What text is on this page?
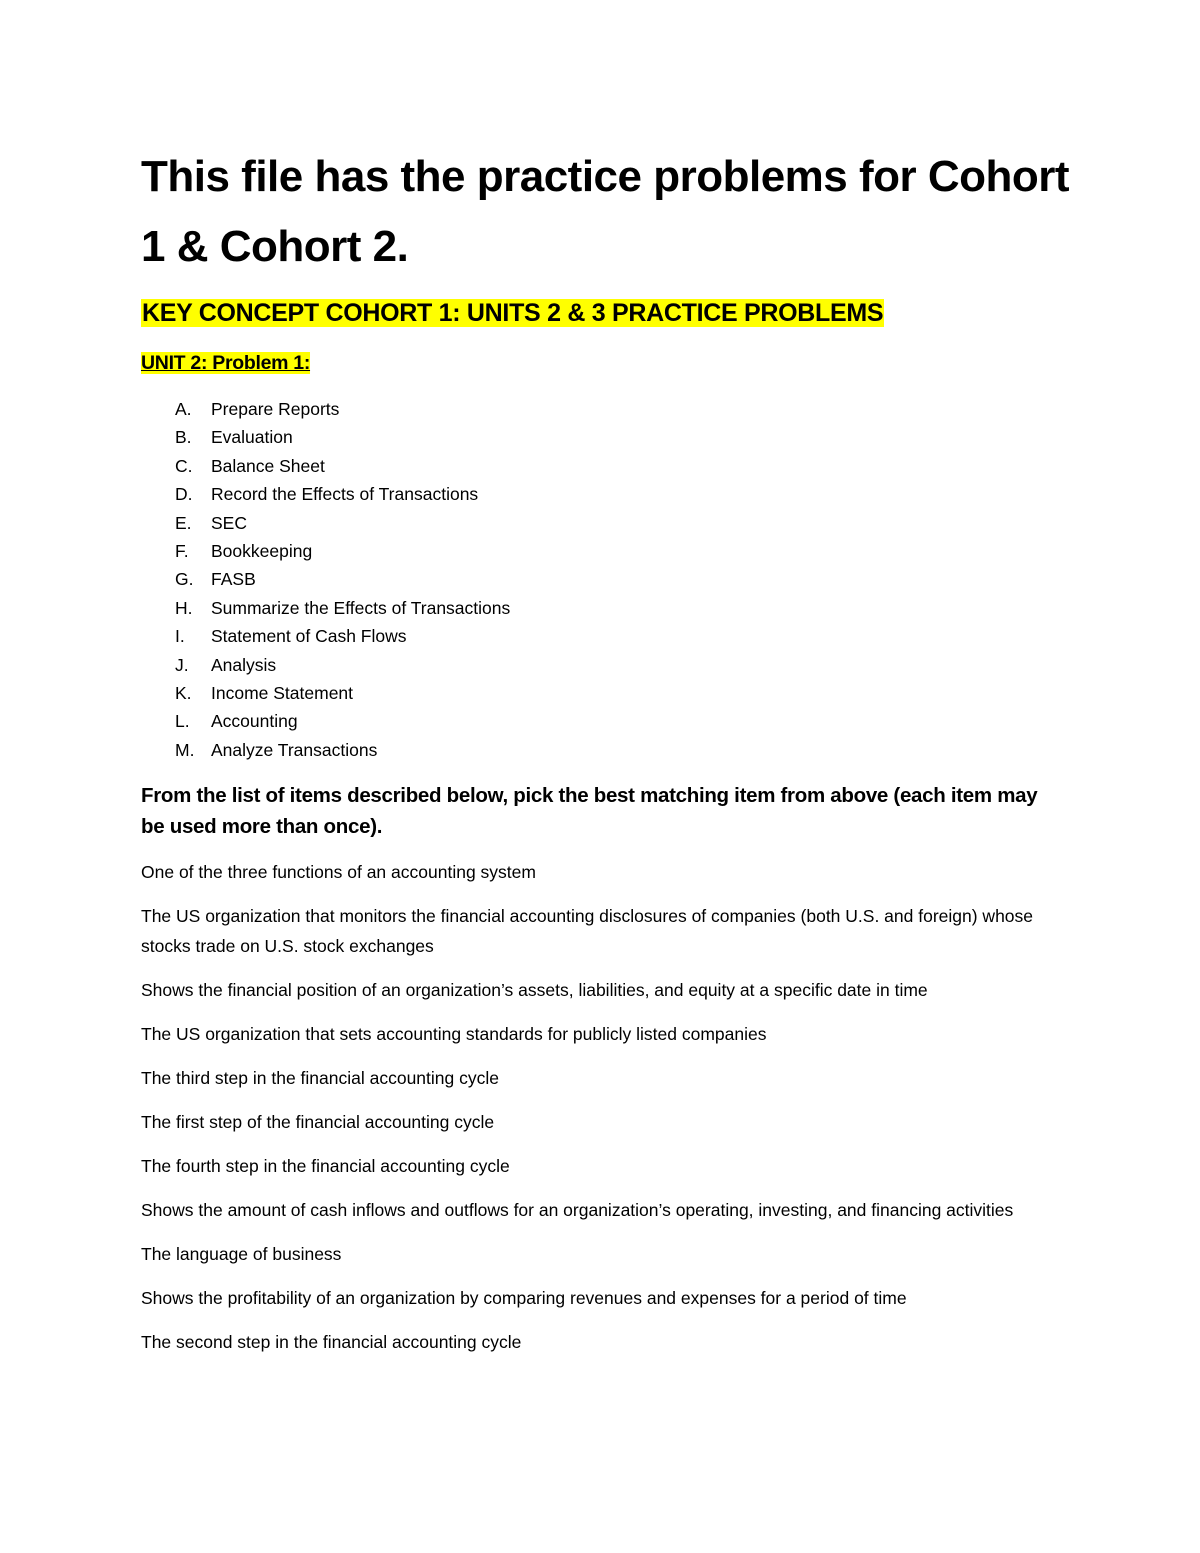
This file has the practice problems for Cohort 1 & Cohort 2.
KEY CONCEPT COHORT 1: UNITS 2 & 3 PRACTICE PROBLEMS
UNIT 2: Problem 1:
A. Prepare Reports
B. Evaluation
C. Balance Sheet
D. Record the Effects of Transactions
E. SEC
F. Bookkeeping
G. FASB
H. Summarize the Effects of Transactions
I. Statement of Cash Flows
J. Analysis
K. Income Statement
L. Accounting
M. Analyze Transactions

From the list of items described below, pick the best matching item from above (each item may be used more than once).

One of the three functions of an accounting system
The US organization that monitors the financial accounting disclosures of companies (both U.S. and foreign) whose stocks trade on U.S. stock exchanges
Shows the financial position of an organization’s assets, liabilities, and equity at a specific date in time
The US organization that sets accounting standards for publicly listed companies
The third step in the financial accounting cycle
The first step of the financial accounting cycle
The fourth step in the financial accounting cycle
Shows the amount of cash inflows and outflows for an organization’s operating, investing, and financing activities
The language of business
Shows the profitability of an organization by comparing revenues and expenses for a period of time
The second step in the financial accounting cycle
